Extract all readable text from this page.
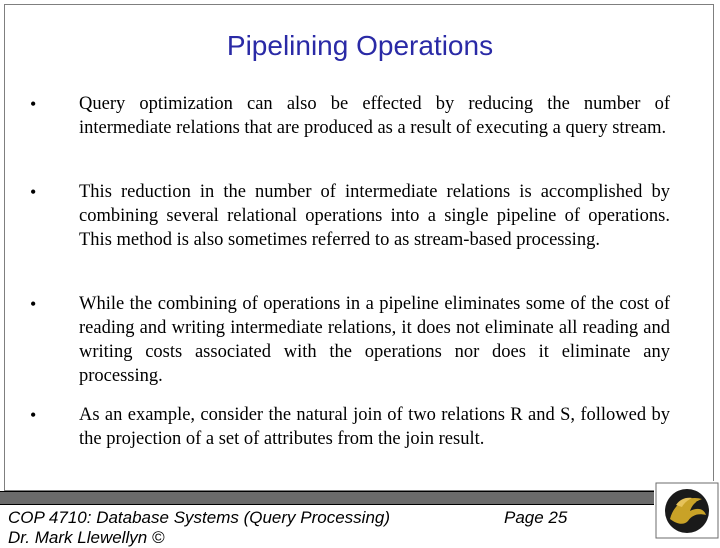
Pipelining Operations
• Query optimization can also be effected by reducing the number of intermediate relations that are produced as a result of executing a query stream.
• This reduction in the number of intermediate relations is accomplished by combining several relational operations into a single pipeline of operations. This method is also sometimes referred to as stream-based processing.
• While the combining of operations in a pipeline eliminates some of the cost of reading and writing intermediate relations, it does not eliminate all reading and writing costs associated with the operations nor does it eliminate any processing.
• As an example, consider the natural join of two relations R and S, followed by the projection of a set of attributes from the join result.
COP 4710: Database Systems (Query Processing)	Page 25
Dr. Mark Llewellyn ©
